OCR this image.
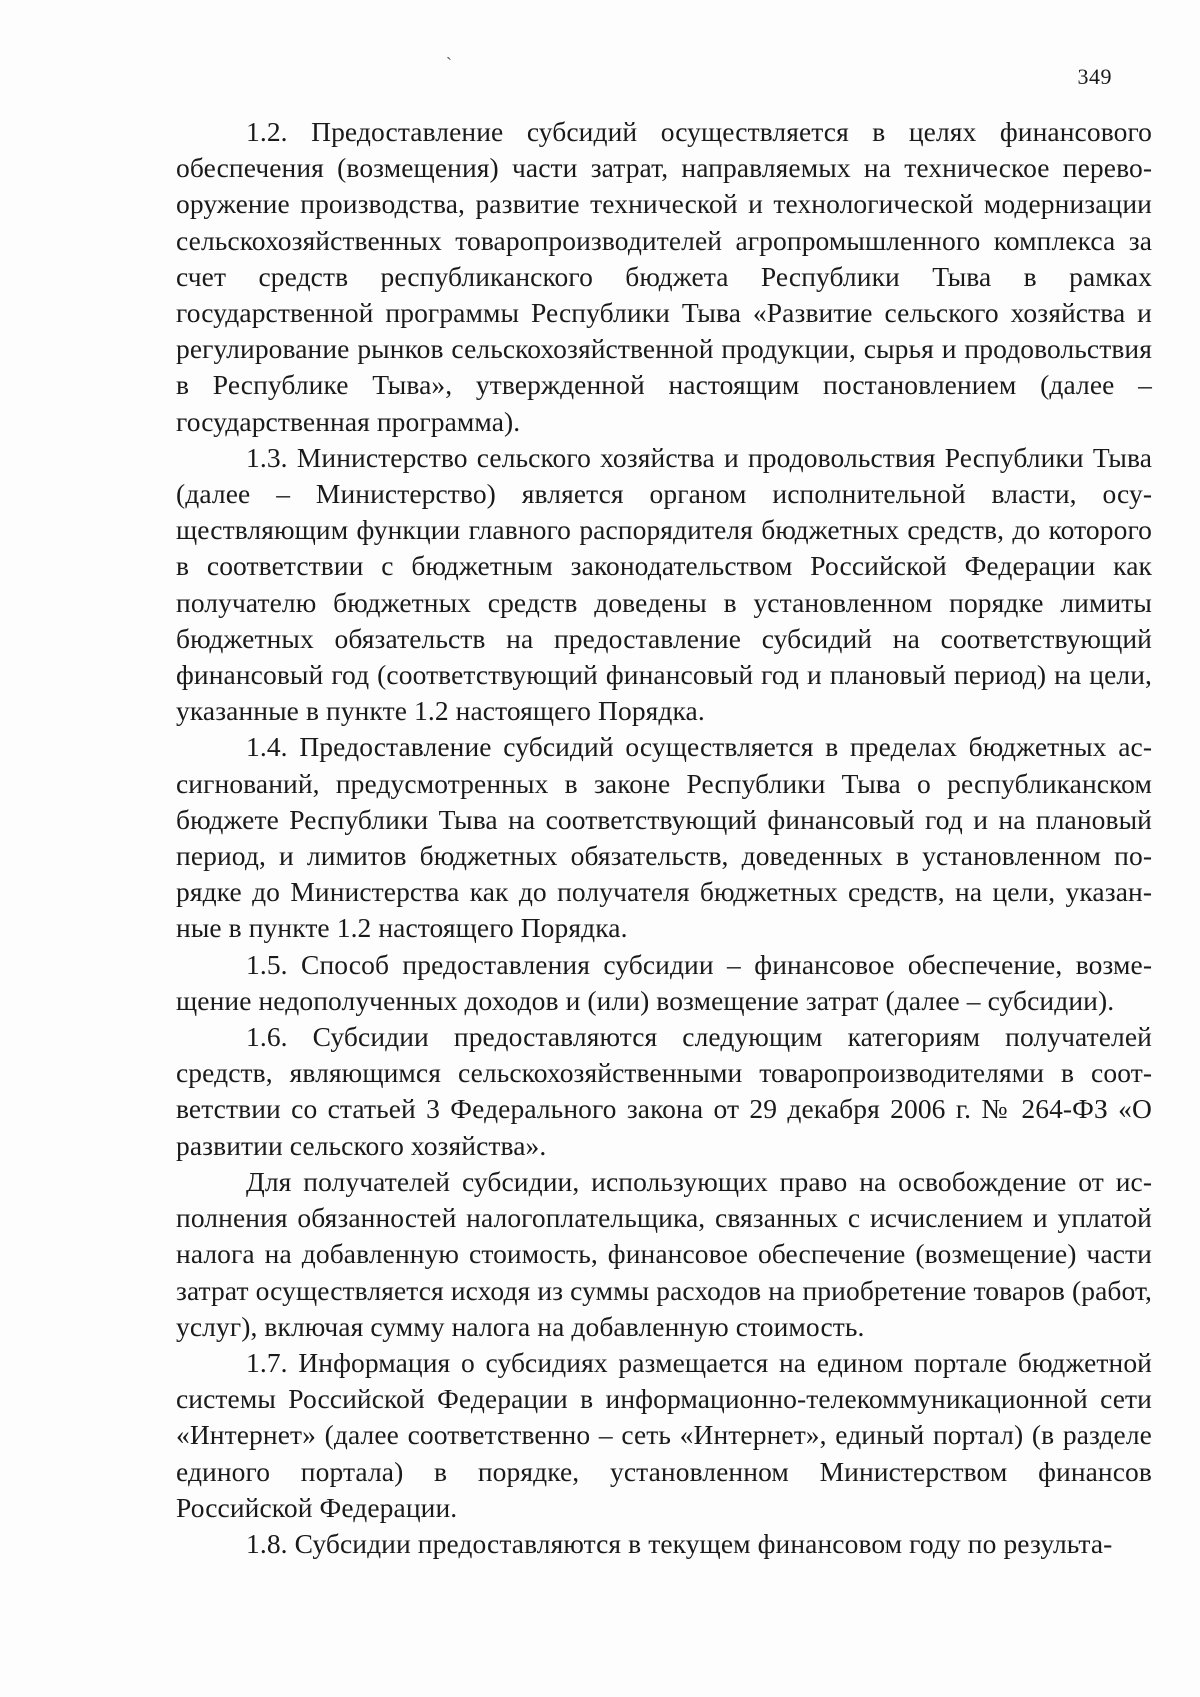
`	349

1.2. Предоставление субсидий осуществляется в целях финансового обеспечения (возмещения) части затрат, направляемых на техническое перевооружение производства, развитие технической и технологической модернизации сельскохозяйственных товаропроизводителей агропромышленного комплекса за счет средств республиканского бюджета Республики Тыва в рамках государственной программы Республики Тыва «Развитие сельского хозяйства и регулирование рынков сельскохозяйственной продукции, сырья и продовольствия в Республике Тыва», утвержденной настоящим постановлением (далее – государственная программа).

1.3. Министерство сельского хозяйства и продовольствия Республики Тыва (далее – Министерство) является органом исполнительной власти, осуществляющим функции главного распорядителя бюджетных средств, до которого в соответствии с бюджетным законодательством Российской Федерации как получателю бюджетных средств доведены в установленном порядке лимиты бюджетных обязательств на предоставление субсидий на соответствующий финансовый год (соответствующий финансовый год и плановый период) на цели, указанные в пункте 1.2 настоящего Порядка.

1.4. Предоставление субсидий осуществляется в пределах бюджетных ассигнований, предусмотренных в законе Республики Тыва о республиканском бюджете Республики Тыва на соответствующий финансовый год и на плановый период, и лимитов бюджетных обязательств, доведенных в установленном порядке до Министерства как до получателя бюджетных средств, на цели, указанные в пункте 1.2 настоящего Порядка.

1.5. Способ предоставления субсидии – финансовое обеспечение, возмещение недополученных доходов и (или) возмещение затрат (далее – субсидии).

1.6. Субсидии предоставляются следующим категориям получателей средств, являющимся сельскохозяйственными товаропроизводителями в соответствии со статьей 3 Федерального закона от 29 декабря 2006 г. № 264-ФЗ «О развитии сельского хозяйства».

Для получателей субсидии, использующих право на освобождение от исполнения обязанностей налогоплательщика, связанных с исчислением и уплатой налога на добавленную стоимость, финансовое обеспечение (возмещение) части затрат осуществляется исходя из суммы расходов на приобретение товаров (работ, услуг), включая сумму налога на добавленную стоимость.

1.7. Информация о субсидиях размещается на едином портале бюджетной системы Российской Федерации в информационно-телекоммуникационной сети «Интернет» (далее соответственно – сеть «Интернет», единый портал) (в разделе единого портала) в порядке, установленном Министерством финансов Российской Федерации.

1.8. Субсидии предоставляются в текущем финансовом году по результа-
